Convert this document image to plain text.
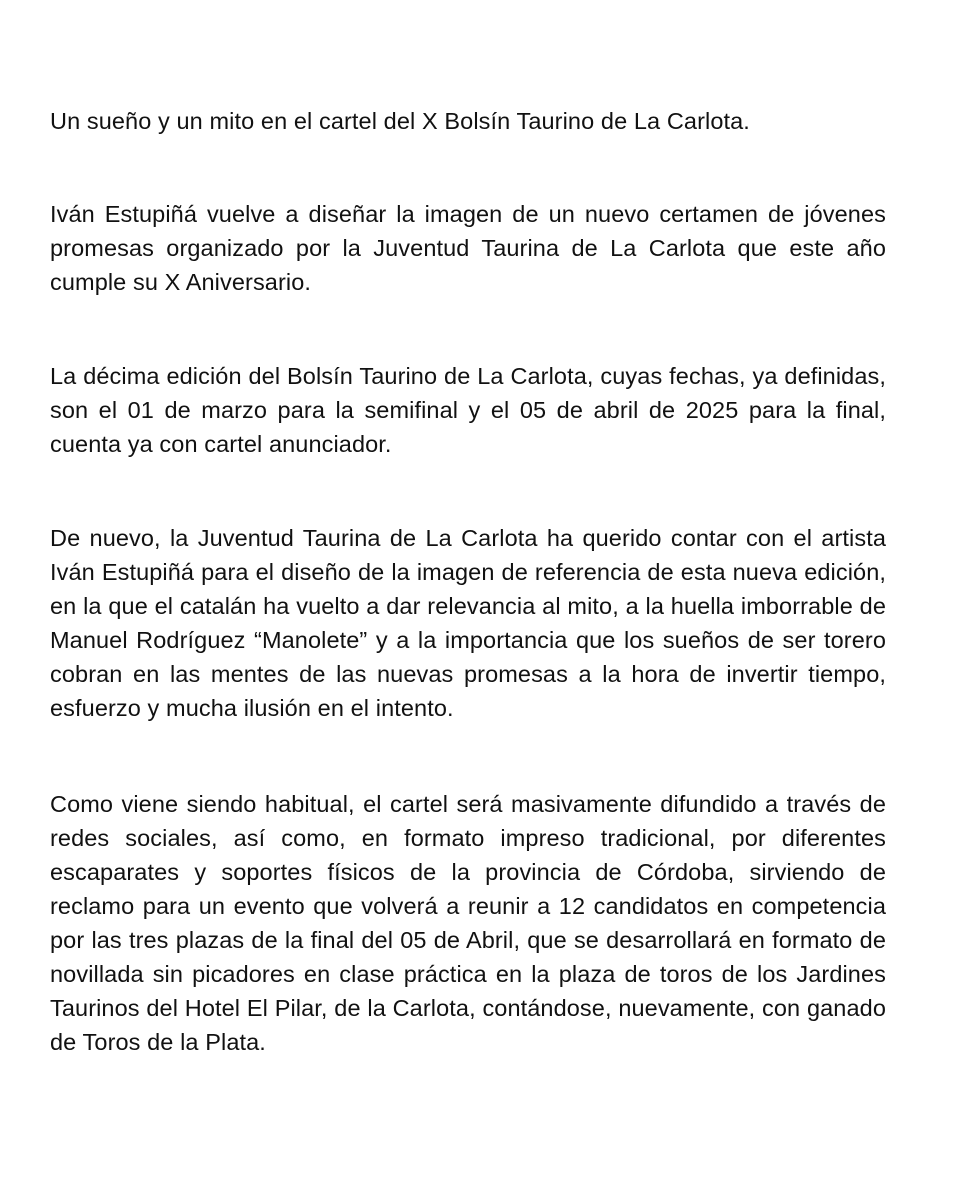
Un sueño y un mito en el cartel del X Bolsín Taurino de La Carlota.

Iván Estupiñá vuelve a diseñar la imagen de un nuevo certamen de jóvenes promesas organizado por la Juventud Taurina de La Carlota que este año cumple su X Aniversario.

La décima edición del Bolsín Taurino de La Carlota, cuyas fechas, ya definidas, son el 01 de marzo para la semifinal y el 05 de abril de 2025 para la final, cuenta ya con cartel anunciador.

De nuevo, la Juventud Taurina de La Carlota ha querido contar con el artista Iván Estupiñá para el diseño de la imagen de referencia de esta nueva edición, en la que el catalán ha vuelto a dar relevancia al mito, a la huella imborrable de Manuel Rodríguez “Manolete” y a la importancia que los sueños de ser torero cobran en las mentes de las nuevas promesas a la hora de invertir tiempo, esfuerzo y mucha ilusión en el intento.

Como viene siendo habitual, el cartel será masivamente difundido a través de redes sociales, así como, en formato impreso tradicional, por diferentes escaparates y soportes físicos de la provincia de Córdoba, sirviendo de reclamo para un evento que volverá a reunir a 12 candidatos en competencia por las tres plazas de la final del 05 de Abril, que se desarrollará en formato de novillada sin picadores en clase práctica en la plaza de toros de los Jardines Taurinos del Hotel El Pilar, de la Carlota, contándose, nuevamente, con ganado de Toros de la Plata.
